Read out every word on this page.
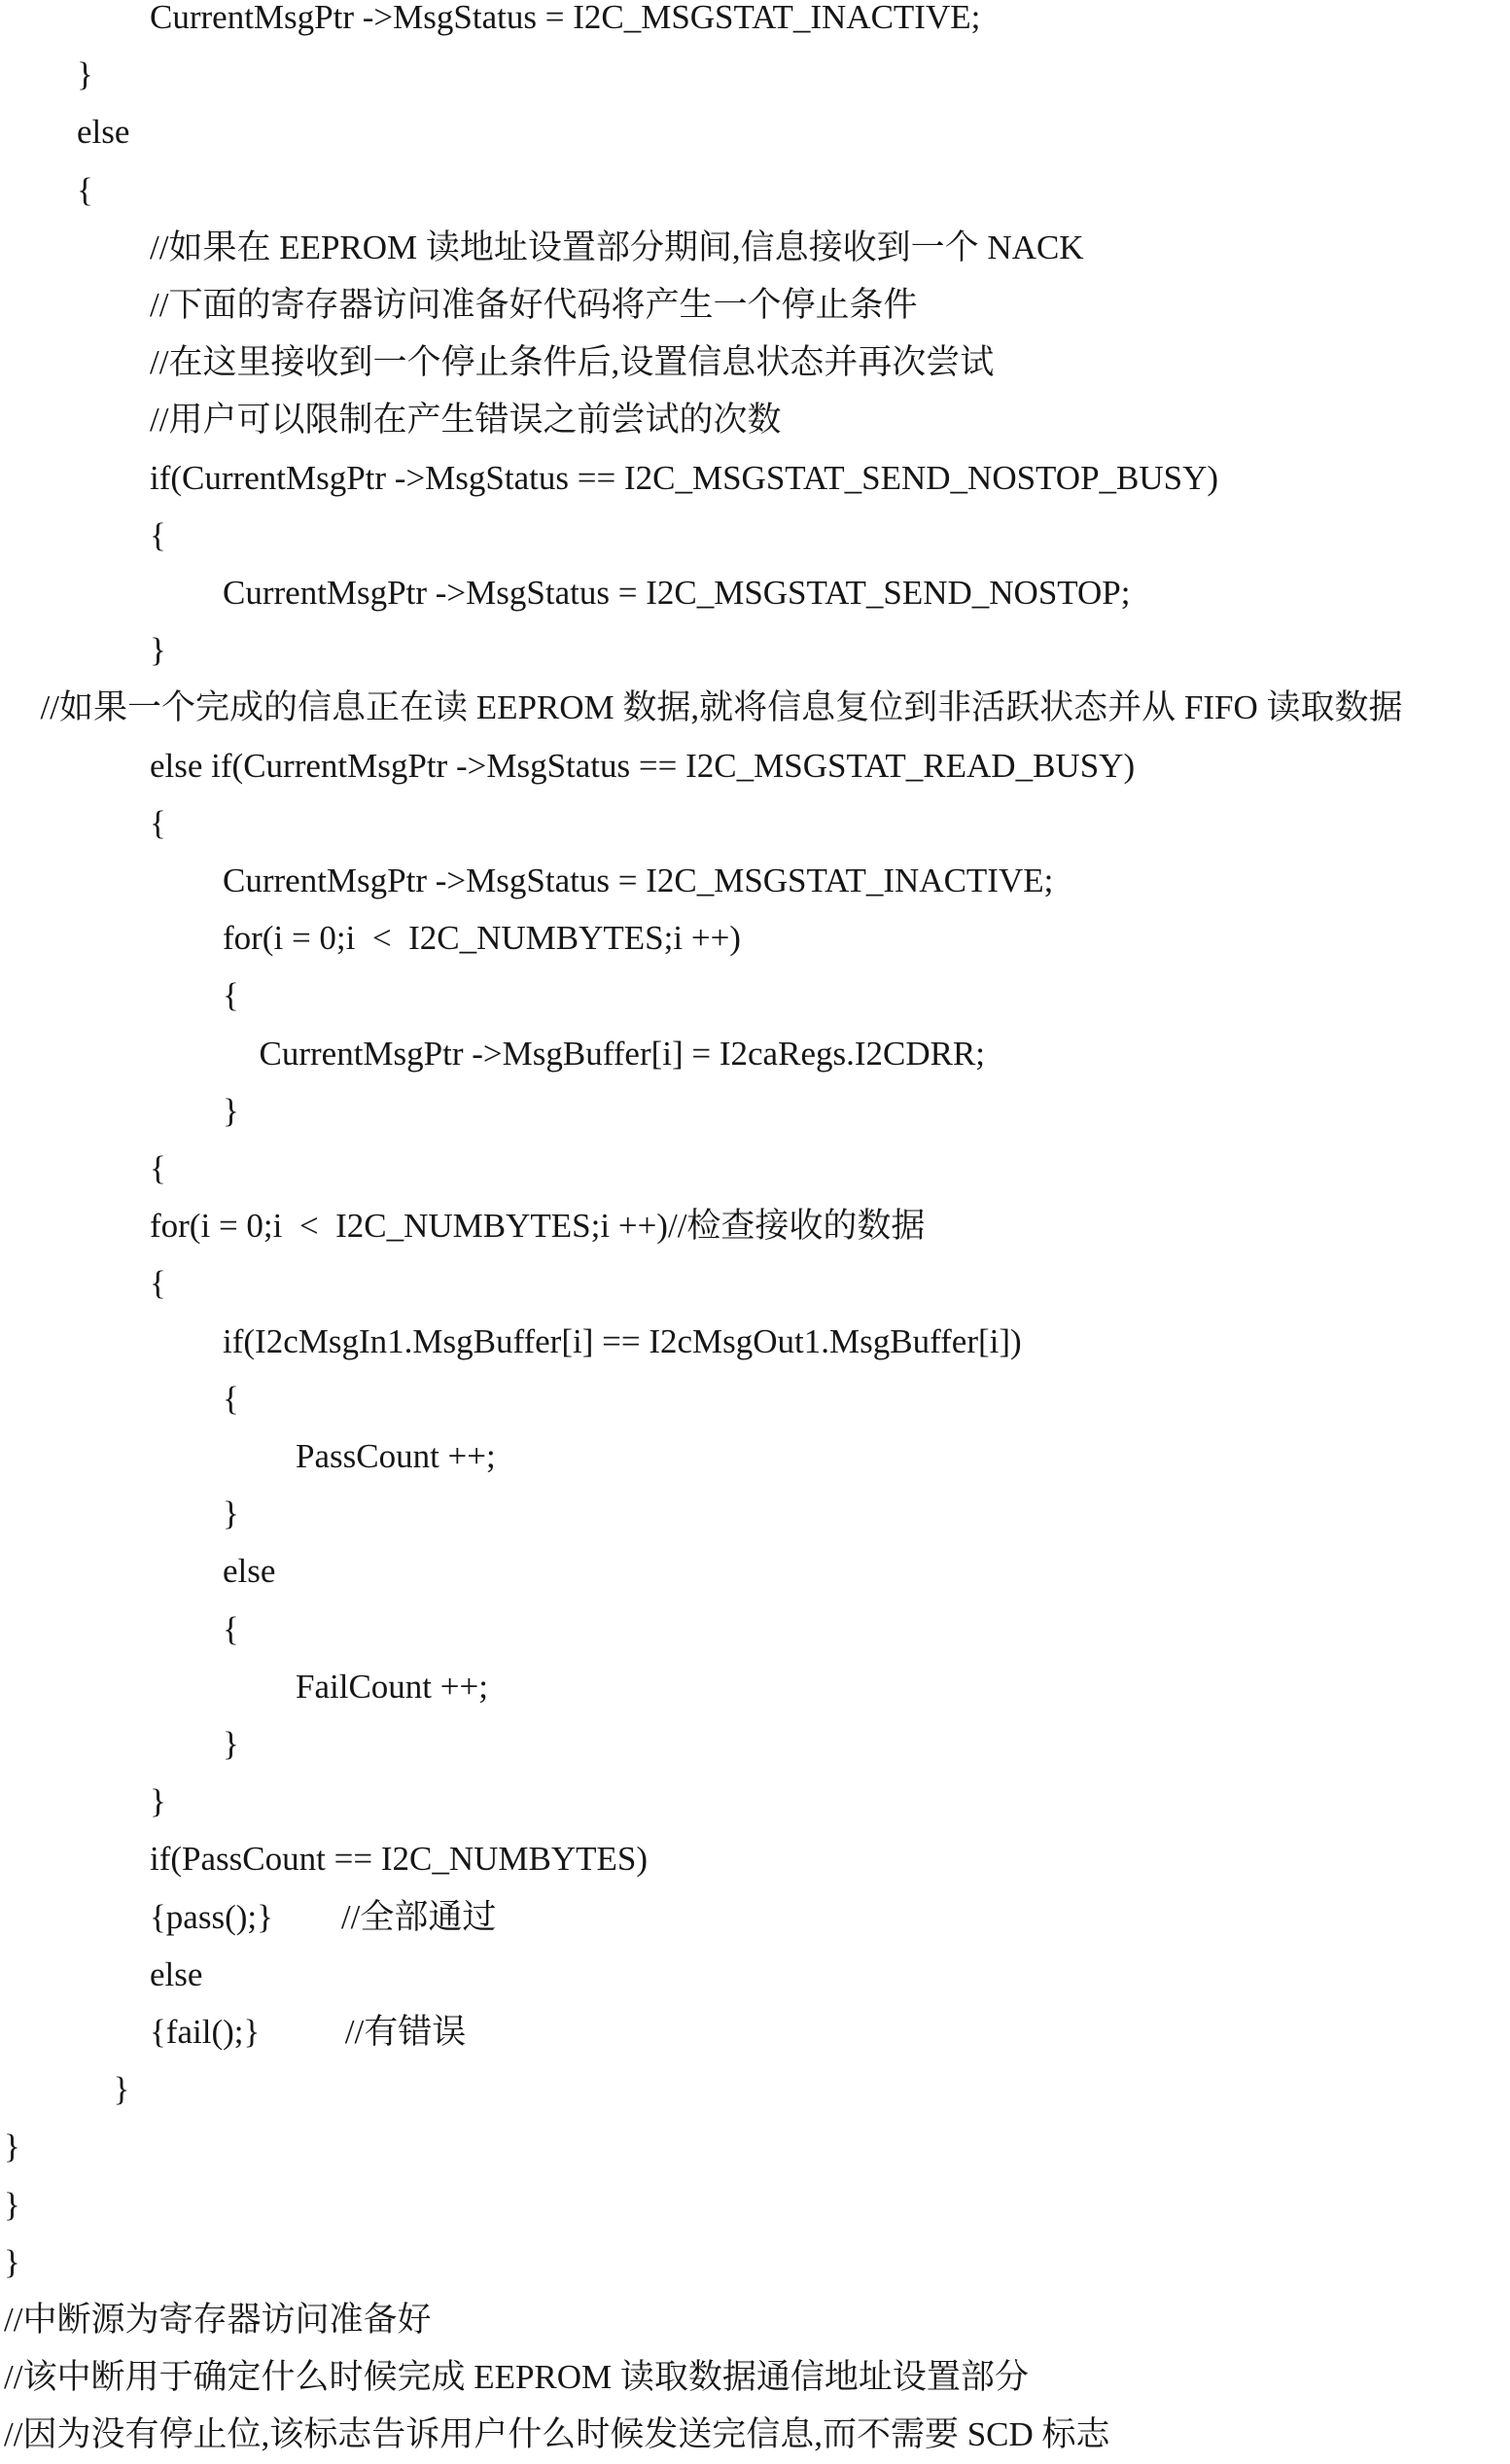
CurrentMsgPtr ->MsgStatus = I2C_MSGSTAT_INACTIVE;
}
else
{
//如果在 EEPROM 读地址设置部分期间,信息接收到一个 NACK
//下面的寄存器访问准备好代码将产生一个停止条件
//在这里接收到一个停止条件后,设置信息状态并再次尝试
//用户可以限制在产生错误之前尝试的次数
if(CurrentMsgPtr ->MsgStatus == I2C_MSGSTAT_SEND_NOSTOP_BUSY)
{
CurrentMsgPtr ->MsgStatus = I2C_MSGSTAT_SEND_NOSTOP;
}
//如果一个完成的信息正在读 EEPROM 数据,就将信息复位到非活跃状态并从 FIFO 读取数据
else if(CurrentMsgPtr ->MsgStatus == I2C_MSGSTAT_READ_BUSY)
{
CurrentMsgPtr ->MsgStatus = I2C_MSGSTAT_INACTIVE;
for(i = 0;i  <  I2C_NUMBYTES;i ++)
{
CurrentMsgPtr ->MsgBuffer[i] = I2caRegs.I2CDRR;
}
{
for(i = 0;i  <  I2C_NUMBYTES;i ++)//检查接收的数据
{
if(I2cMsgIn1.MsgBuffer[i] == I2cMsgOut1.MsgBuffer[i])
{
PassCount ++;
}
else
{
FailCount ++;
}
}
if(PassCount == I2C_NUMBYTES)
{pass();}        //全部通过
else
{fail();}          //有错误
}
}
}
}
//中断源为寄存器访问准备好
//该中断用于确定什么时候完成 EEPROM 读取数据通信地址设置部分
//因为没有停止位,该标志告诉用户什么时候发送完信息,而不需要 SCD 标志
